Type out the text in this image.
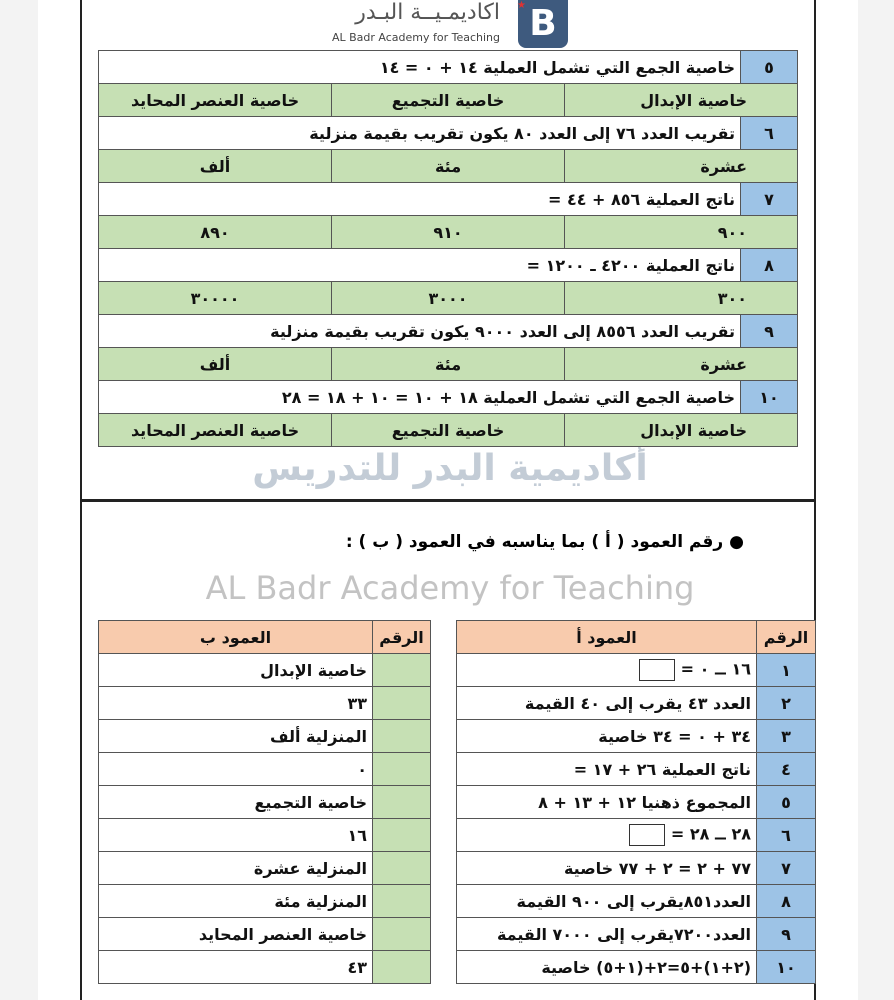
أكاديمية البدر للتدريس
AL Badr Academy for Teaching
اكاديمـيــة البـدر
AL Badr Academy for Teaching B
★
٥	خاصية الجمع التي تشمل العملية ١٤ + ٠ = ١٤		
خاصية الإبدال		خاصية التجميع	خاصية العنصر المحايد
٦	تقريب العدد ٧٦ إلى العدد ٨٠ يكون تقريب بقيمة منزلية		
عشرة		مئة	ألف
٧	ناتج العملية ٨٥٦ + ٤٤ =		
٩٠٠		٩١٠	٨٩٠
٨	ناتج العملية ٤٢٠٠ ـ ١٢٠٠ =		
٣٠٠		٣٠٠٠	٣٠٠٠٠
٩	تقريب العدد ٨٥٥٦ إلى العدد ٩٠٠٠ يكون تقريب بقيمة منزلية		
عشرة		مئة	ألف
١٠	خاصية الجمع التي تشمل العملية ١٨ + ١٠ = ١٠ + ١٨ = ٢٨		
خاصية الإبدال		خاصية التجميع	خاصية العنصر المحايد
● رقم العمود ( أ ) بما يناسبه في العمود ( ب ) :
الرقم	العمود أ
١	١٦ ــ ٠ =
٢	العدد ٤٣ يقرب إلى ٤٠ القيمة
٣	٣٤ + ٠ = ٣٤ خاصية
٤	ناتج العملية ٢٦ + ١٧ =
٥	المجموع ذهنيا ١٢ + ١٣ + ٨
٦	٢٨ ــ ٢٨ =
٧	٧٧ + ٢ = ٢ + ٧٧ خاصية
٨	العدد٨٥١يقرب إلى ٩٠٠ القيمة
٩	العدد٧٢٠٠يقرب إلى ٧٠٠٠ القيمة
١٠	(٢+١)+٥=٢+(١+٥) خاصية
الرقم	العمود ب
	خاصية الإبدال
	٣٣
	المنزلية ألف
	٠
	خاصية التجميع
	١٦
	المنزلية عشرة
	المنزلية مئة
	خاصية العنصر المحايد
	٤٣
